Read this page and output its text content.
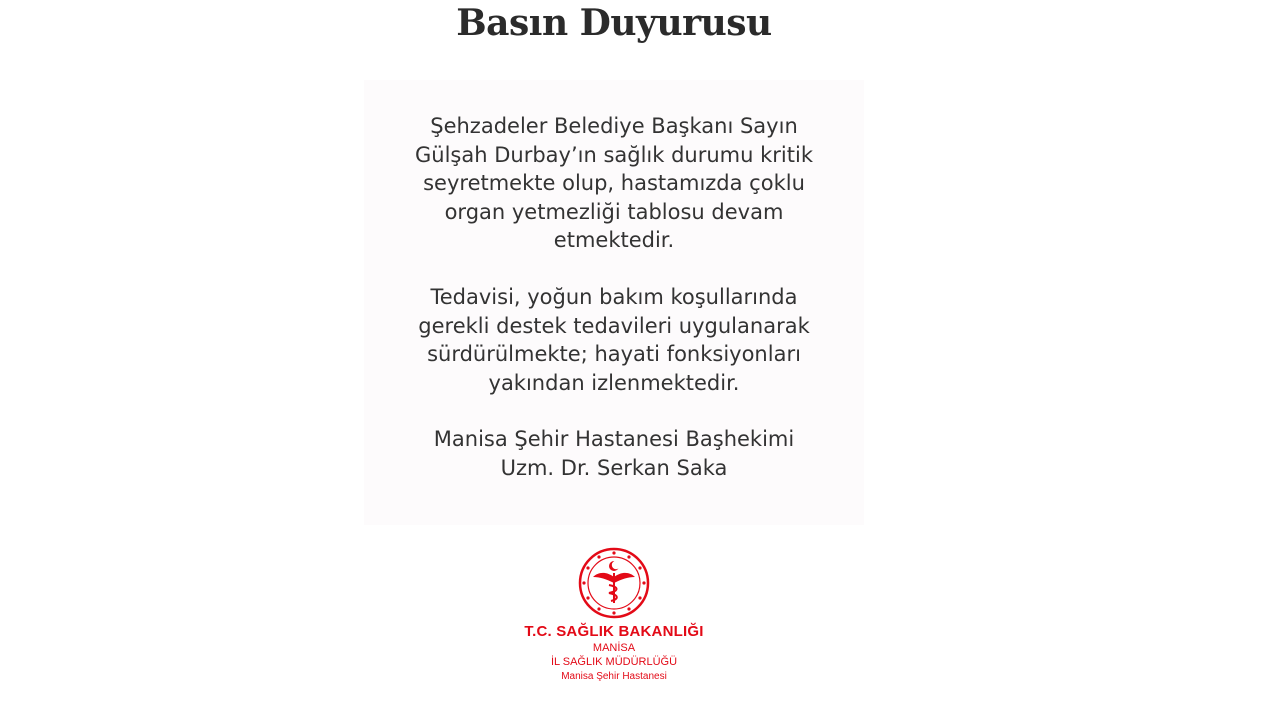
Basın Duyurusu

Şehzadeler Belediye Başkanı Sayın
Gülşah Durbay’ın sağlık durumu kritik
seyretmekte olup, hastamızda çoklu
organ yetmezliği tablosu devam
etmektedir.

Tedavisi, yoğun bakım koşullarında
gerekli destek tedavileri uygulanarak
sürdürülmekte; hayati fonksiyonları
yakından izlenmektedir.

Manisa Şehir Hastanesi Başhekimi
Uzm. Dr. Serkan Saka

T.C. SAĞLIK BAKANLIĞI

MANİSA

İL SAĞLIK MÜDÜRLÜĞÜ

Manisa Şehir Hastanesi
